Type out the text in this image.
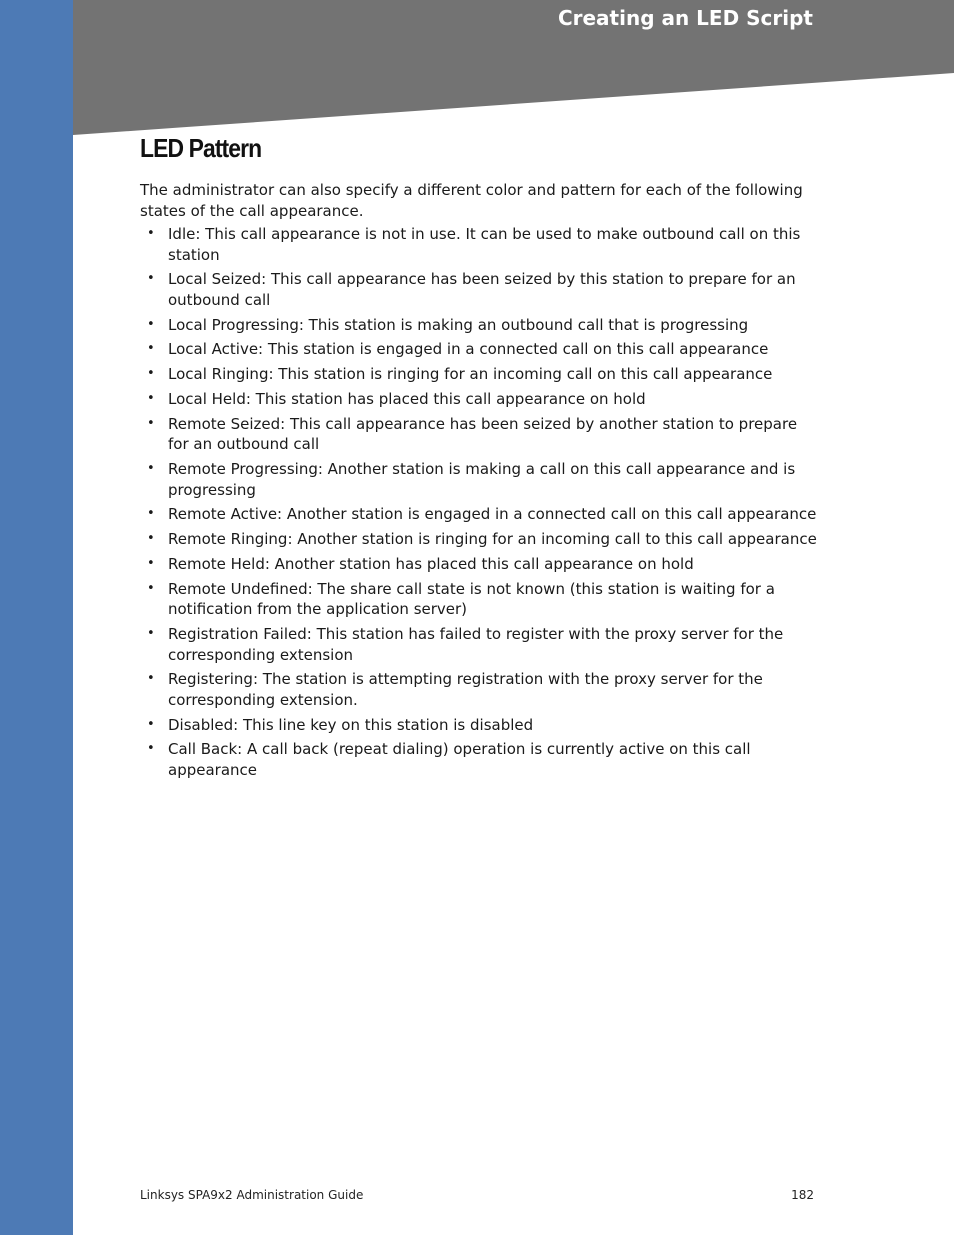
Creating an LED Script
LED Pattern

The administrator can also specify a different color and pattern for each of the following states of the call appearance.

• Idle: This call appearance is not in use. It can be used to make outbound call on this station
• Local Seized: This call appearance has been seized by this station to prepare for an outbound call
• Local Progressing: This station is making an outbound call that is progressing
• Local Active: This station is engaged in a connected call on this call appearance
• Local Ringing: This station is ringing for an incoming call on this call appearance
• Local Held: This station has placed this call appearance on hold
• Remote Seized: This call appearance has been seized by another station to prepare for an outbound call
• Remote Progressing: Another station is making a call on this call appearance and is progressing
• Remote Active: Another station is engaged in a connected call on this call appearance
• Remote Ringing: Another station is ringing for an incoming call to this call appearance
• Remote Held: Another station has placed this call appearance on hold
• Remote Undefined: The share call state is not known (this station is waiting for a notification from the application server)
• Registration Failed: This station has failed to register with the proxy server for the corresponding extension
• Registering: The station is attempting registration with the proxy server for the corresponding extension.
• Disabled: This line key on this station is disabled
• Call Back: A call back (repeat dialing) operation is currently active on this call appearance
Linksys SPA9x2 Administration Guide	182
